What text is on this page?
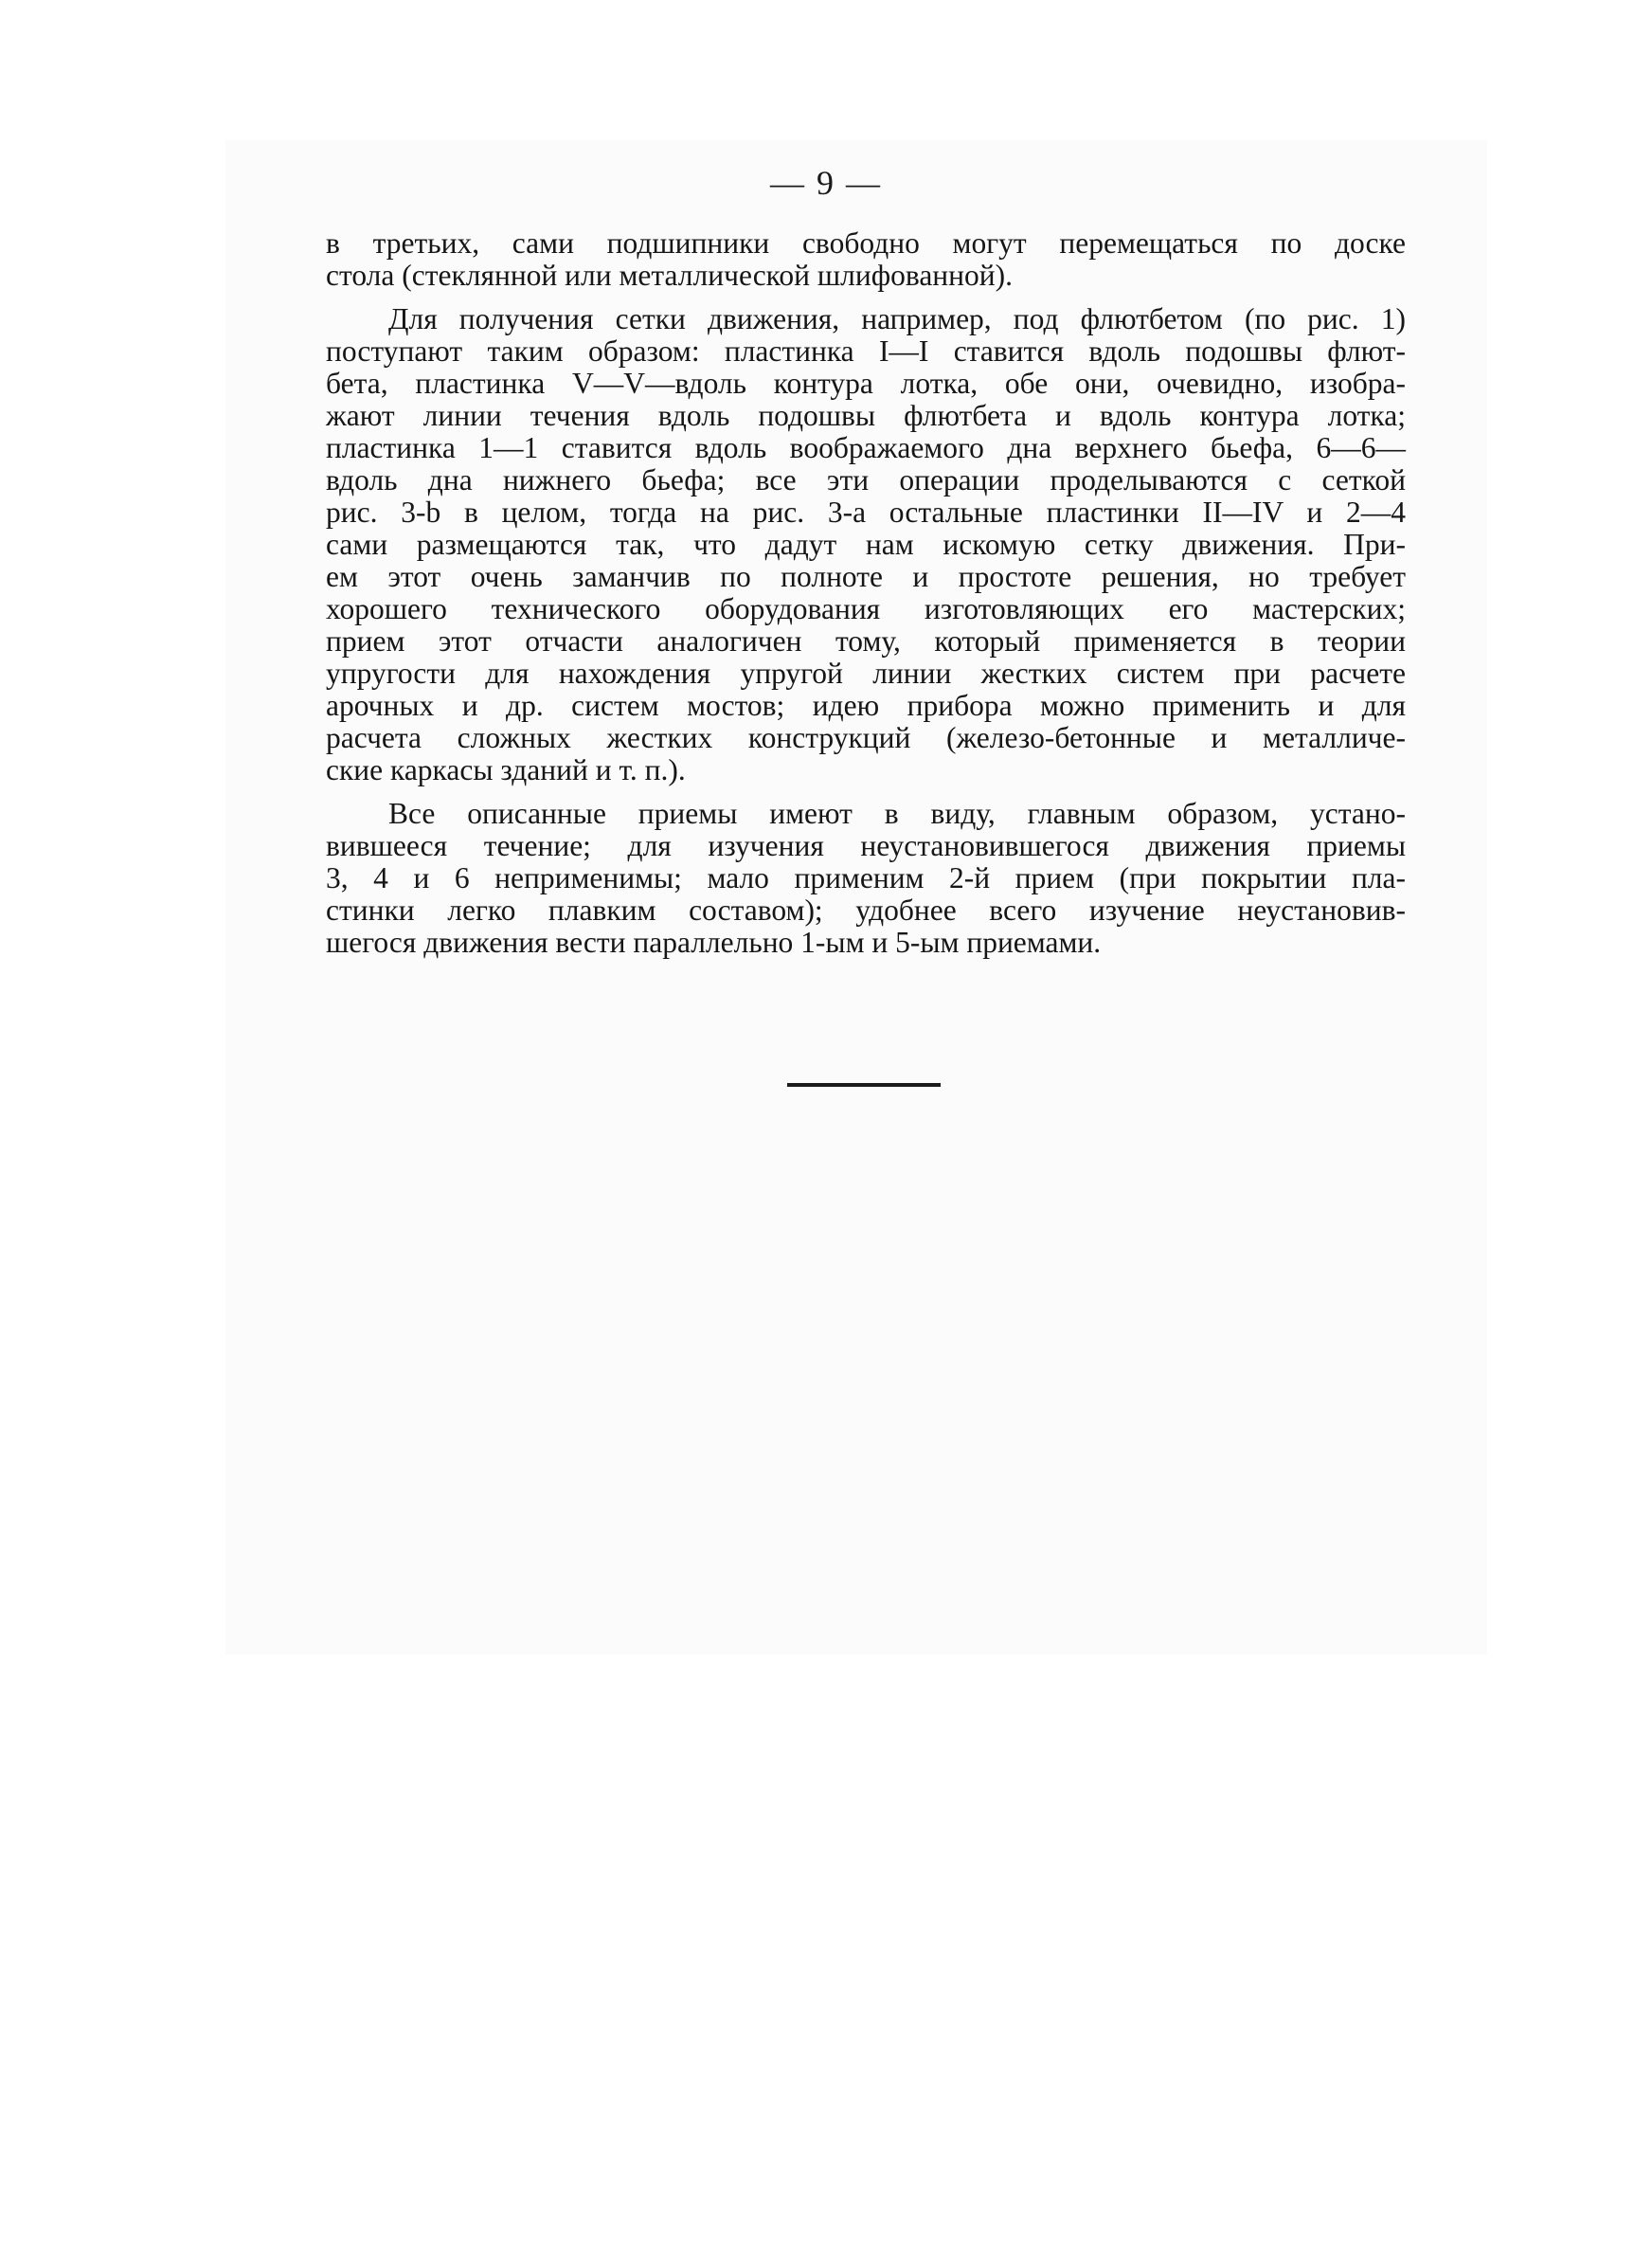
— 9 —
в третьих, сами подшипники свободно могут перемещаться по доске
стола (стеклянной или металлической шлифованной).
Для получения сетки движения, например, под флютбетом (по рис. 1)
поступают таким образом: пластинка I—I ставится вдоль подошвы флют-
бета, пластинка V—V—вдоль контура лотка, обе они, очевидно, изобра-
жают линии течения вдоль подошвы флютбета и вдоль контура лотка;
пластинка 1—1 ставится вдоль воображаемого дна верхнего бьефа, 6—6—
вдоль дна нижнего бьефа; все эти операции проделываются с сеткой
рис. 3-b в целом, тогда на рис. 3-а остальные пластинки II—IV и 2—4
сами размещаются так, что дадут нам искомую сетку движения. При-
ем этот очень заманчив по полноте и простоте решения, но требует
хорошего технического оборудования изготовляющих его мастерских;
прием этот отчасти аналогичен тому, который применяется в теории
упругости для нахождения упругой линии жестких систем при расчете
арочных и др. систем мостов; идею прибора можно применить и для
расчета сложных жестких конструкций (железо-бетонные и металличе-
ские каркасы зданий и т. п.).
Все описанные приемы имеют в виду, главным образом, устано-
вившееся течение; для изучения неустановившегося движения приемы
3, 4 и 6 неприменимы; мало применим 2-й прием (при покрытии пла-
стинки легко плавким составом); удобнее всего изучение неустановив-
шегося движения вести параллельно 1-ым и 5-ым приемами.
